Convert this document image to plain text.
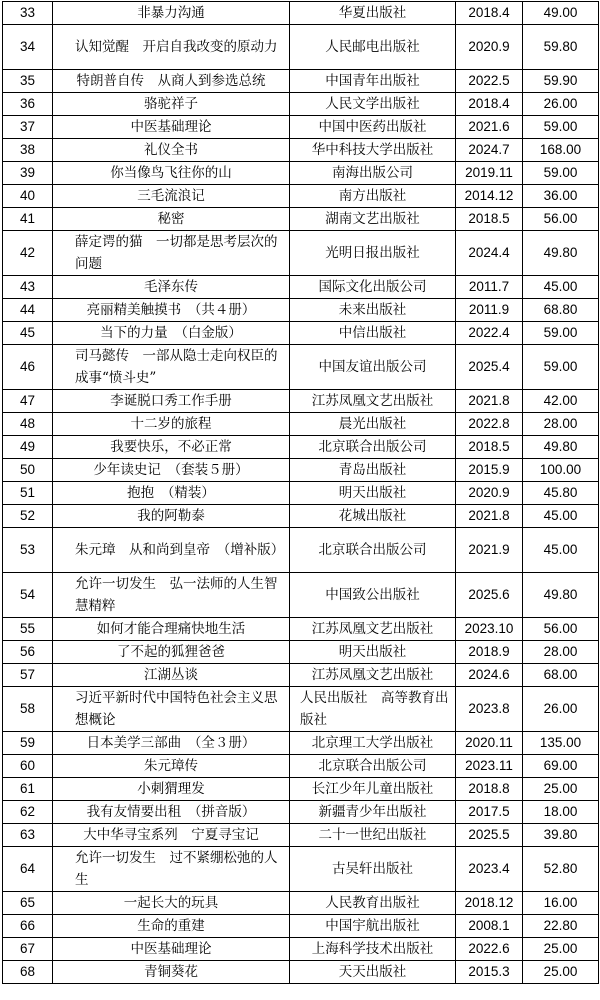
33	非暴力沟通	华夏出版社	2018.4	49.00
34	认知觉醒　开启自我改变的原动力	人民邮电出版社	2020.9	59.80
35	特朗普自传　从商人到参选总统	中国青年出版社	2022.5	59.90
36	骆驼祥子	人民文学出版社	2018.4	26.00
37	中医基础理论	中国中医药出版社	2021.6	59.00
38	礼仪全书	华中科技大学出版社	2024.7	168.00
39	你当像鸟飞往你的山	南海出版公司	2019.11	59.00
40	三毛流浪记	南方出版社	2014.12	36.00
41	秘密	湖南文艺出版社	2018.5	56.00
42	薛定谔的猫　一切都是思考层次的问题	光明日报出版社	2024.4	49.80
43	毛泽东传	国际文化出版公司	2011.7	45.00
44	亮丽精美触摸书　（共４册）	未来出版社	2011.9	68.80
45	当下的力量　（白金版）	中信出版社	2022.4	59.00
46	司马懿传　一部从隐士走向权臣的成事“愤斗史”	中国友谊出版公司	2025.4	59.00
47	李诞脱口秀工作手册	江苏凤凰文艺出版社	2021.8	42.00
48	十二岁的旅程	晨光出版社	2022.8	28.00
49	我要快乐，不必正常	北京联合出版公司	2018.5	49.80
50	少年读史记　（套装５册）	青岛出版社	2015.9	100.00
51	抱抱　（精装）	明天出版社	2020.9	45.80
52	我的阿勒泰	花城出版社	2021.8	45.00
53	朱元璋　从和尚到皇帝　（增补版）	北京联合出版公司	2021.9	45.00
54	允许一切发生　弘一法师的人生智慧精粹	中国致公出版社	2025.6	49.80
55	如何才能合理痛快地生活	江苏凤凰文艺出版社	2023.10	56.00
56	了不起的狐狸爸爸	明天出版社	2018.9	28.00
57	江湖丛谈	江苏凤凰文艺出版社	2024.6	68.00
58	习近平新时代中国特色社会主义思想概论	人民出版社　高等教育出版社	2023.8	26.00
59	日本美学三部曲　（全３册）	北京理工大学出版社	2020.11	135.00
60	朱元璋传	北京联合出版公司	2023.11	69.00
61	小刺猬理发	长江少年儿童出版社	2018.8	25.00
62	我有友情要出租　（拼音版）	新疆青少年出版社	2017.5	18.00
63	大中华寻宝系列　宁夏寻宝记	二十一世纪出版社	2025.5	39.80
64	允许一切发生　过不紧绷松弛的人生	古吴轩出版社	2023.4	52.80
65	一起长大的玩具	人民教育出版社	2018.12	16.00
66	生命的重建	中国宇航出版社	2008.1	22.80
67	中医基础理论	上海科学技术出版社	2022.6	25.00
68	青铜葵花	天天出版社	2015.3	25.00
